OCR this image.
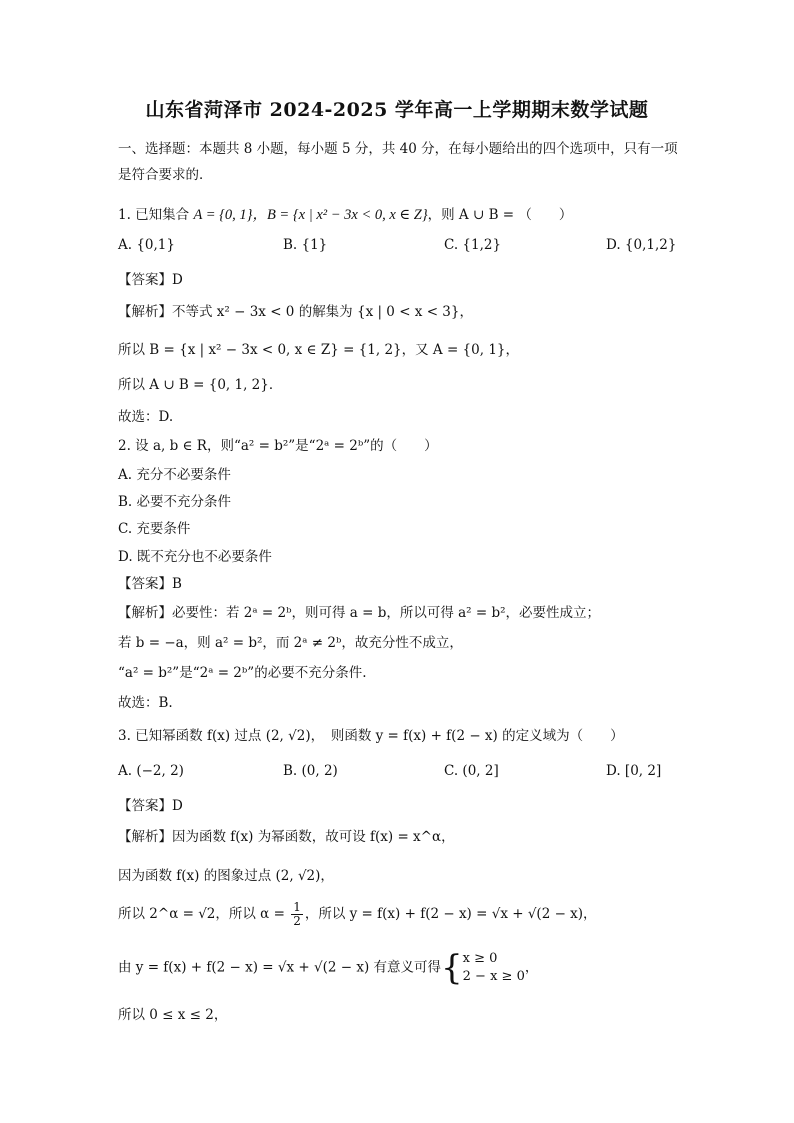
山东省菏泽市 2024-2025 学年高一上学期期末数学试题
一、选择题：本题共 8 小题，每小题 5 分，共 40 分，在每小题给出的四个选项中，只有一项是符合要求的．
1. 已知集合 A = {0, 1}，B = {x | x² − 3x < 0, x ∈ Z}，则 A ∪ B = （　　）
A. {0,1}	B. {1}	C. {1,2}	D. {0,1,2}
【答案】D
【解析】不等式 x² − 3x < 0 的解集为 {x | 0 < x < 3}，
所以 B = {x | x² − 3x < 0, x ∈ Z} = {1, 2}，又 A = {0, 1}，
所以 A ∪ B = {0, 1, 2}．
故选：D.
2. 设 a, b ∈ R，则“a² = b²”是“2ᵃ = 2ᵇ”的（　　）
A. 充分不必要条件
B. 必要不充分条件
C. 充要条件
D. 既不充分也不必要条件
【答案】B
【解析】必要性：若 2ᵃ = 2ᵇ，则可得 a = b，所以可得 a² = b²，必要性成立；
若 b = −a，则 a² = b²，而 2ᵃ ≠ 2ᵇ，故充分性不成立，
“a² = b²”是“2ᵃ = 2ᵇ”的必要不充分条件.
故选：B.
3. 已知幂函数 f(x) 过点 (2, √2)，　则函数 y = f(x) + f(2 − x) 的定义域为（　　）
A. (−2, 2)	B. (0, 2)	C. (0, 2]	D. [0, 2]
【答案】D
【解析】因为函数 f(x) 为幂函数，故可设 f(x) = x^α，
因为函数 f(x) 的图象过点 (2, √2)，
所以 2^α = √2，所以 $\alpha = \frac{1}{2}$ ，所以 y = f(x) + f(2 − x) = √x + √(2 − x)，
由 y = f(x) + f(2 − x) = √x + √(2 − x) 有意义可得{ x ≥ 0
2 − x ≥ 0
，
所以 0 ≤ x ≤ 2，
